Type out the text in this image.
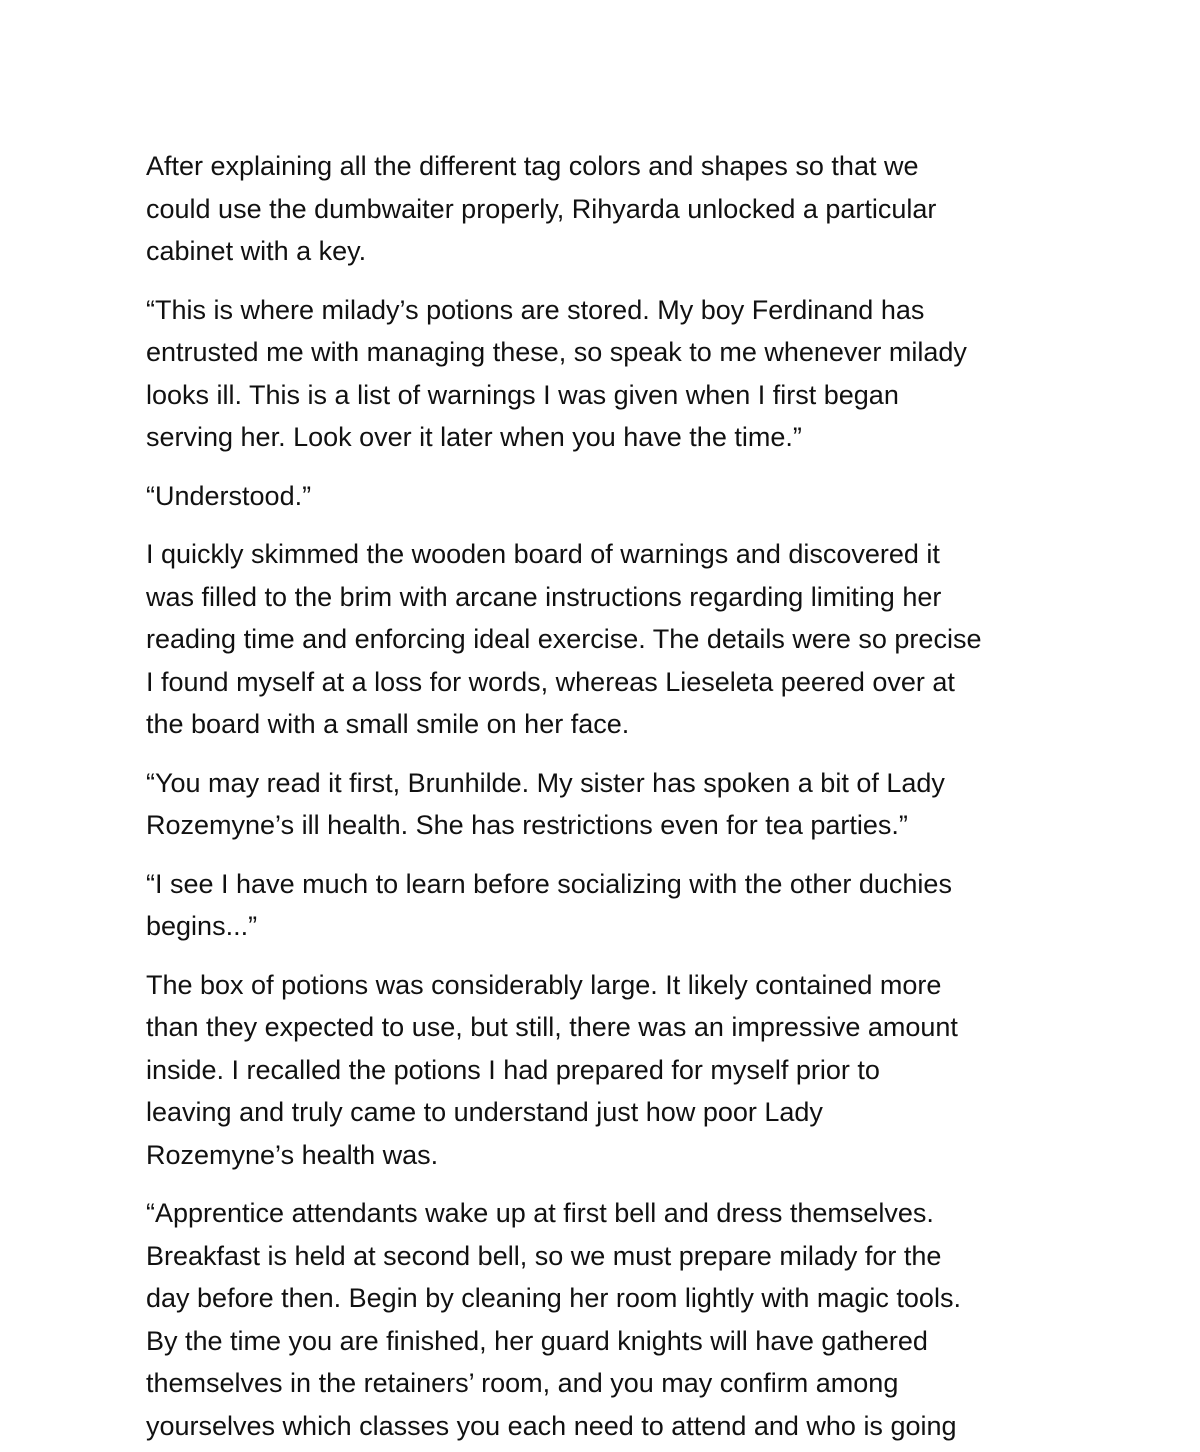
After explaining all the different tag colors and shapes so that we
could use the dumbwaiter properly, Rihyarda unlocked a particular
cabinet with a key.

“This is where milady’s potions are stored. My boy Ferdinand has
entrusted me with managing these, so speak to me whenever milady
looks ill. This is a list of warnings I was given when I first began
serving her. Look over it later when you have the time.”

“Understood.”

I quickly skimmed the wooden board of warnings and discovered it
was filled to the brim with arcane instructions regarding limiting her
reading time and enforcing ideal exercise. The details were so precise
I found myself at a loss for words, whereas Lieseleta peered over at
the board with a small smile on her face.

“You may read it first, Brunhilde. My sister has spoken a bit of Lady
Rozemyne’s ill health. She has restrictions even for tea parties.”

“I see I have much to learn before socializing with the other duchies
begins...”

The box of potions was considerably large. It likely contained more
than they expected to use, but still, there was an impressive amount
inside. I recalled the potions I had prepared for myself prior to
leaving and truly came to understand just how poor Lady
Rozemyne’s health was.

“Apprentice attendants wake up at first bell and dress themselves.
Breakfast is held at second bell, so we must prepare milady for the
day before then. Begin by cleaning her room lightly with magic tools.
By the time you are finished, her guard knights will have gathered
themselves in the retainers’ room, and you may confirm among
yourselves which classes you each need to attend and who is going
